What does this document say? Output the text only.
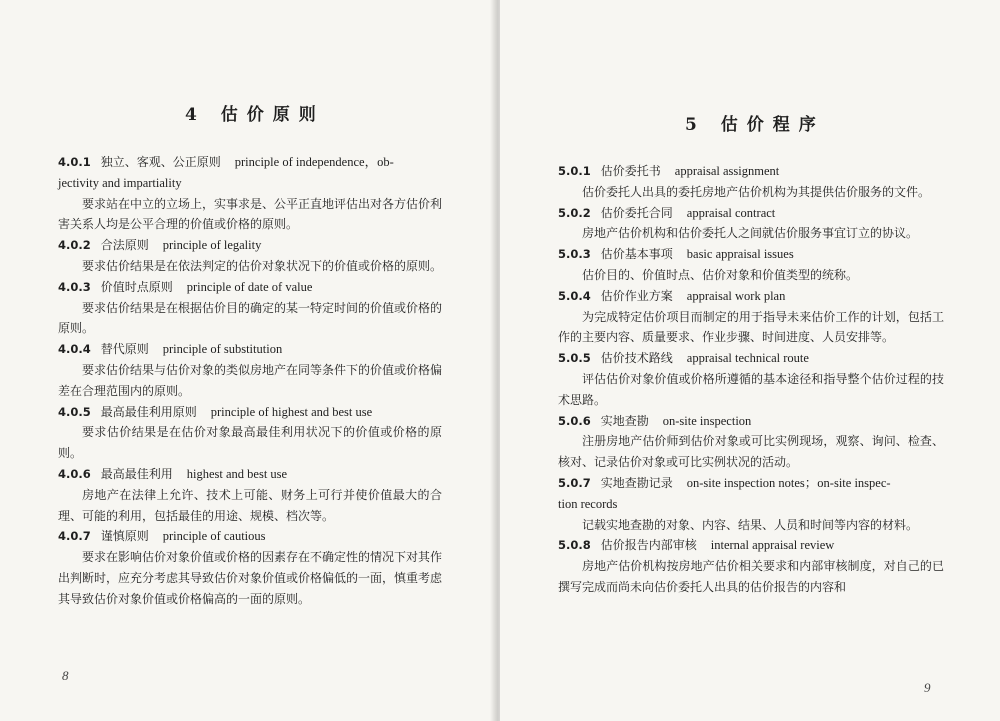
4 估价原则

4.0.1 独立、客观、公正原则 principle of independence，ob-

jectivity and impartiality

要求站在中立的立场上，实事求是、公平正直地评估出对各方估价利害关系人均是公平合理的价值或价格的原则。

4.0.2 合法原则 principle of legality

要求估价结果是在依法判定的估价对象状况下的价值或价格的原则。

4.0.3 价值时点原则 principle of date of value

要求估价结果是在根据估价目的确定的某一特定时间的价值或价格的原则。

4.0.4 替代原则 principle of substitution

要求估价结果与估价对象的类似房地产在同等条件下的价值或价格偏差在合理范围内的原则。

4.0.5 最高最佳利用原则 principle of highest and best use

要求估价结果是在估价对象最高最佳利用状况下的价值或价格的原则。

4.0.6 最高最佳利用 highest and best use

房地产在法律上允许、技术上可能、财务上可行并使价值最大的合理、可能的利用，包括最佳的用途、规模、档次等。

4.0.7 谨慎原则 principle of cautious

要求在影响估价对象价值或价格的因素存在不确定性的情况下对其作出判断时，应充分考虑其导致估价对象价值或价格偏低的一面，慎重考虑其导致估价对象价值或价格偏高的一面的原则。

8
5 估价程序

5.0.1 估价委托书 appraisal assignment

估价委托人出具的委托房地产估价机构为其提供估价服务的文件。

5.0.2 估价委托合同 appraisal contract

房地产估价机构和估价委托人之间就估价服务事宜订立的协议。

5.0.3 估价基本事项 basic appraisal issues

估价目的、价值时点、估价对象和价值类型的统称。

5.0.4 估价作业方案 appraisal work plan

为完成特定估价项目而制定的用于指导未来估价工作的计划，包括工作的主要内容、质量要求、作业步骤、时间进度、人员安排等。

5.0.5 估价技术路线 appraisal technical route

评估估价对象价值或价格所遵循的基本途径和指导整个估价过程的技术思路。

5.0.6 实地查勘 on-site inspection

注册房地产估价师到估价对象或可比实例现场，观察、询问、检查、核对、记录估价对象或可比实例状况的活动。

5.0.7 实地查勘记录 on-site inspection notes；on-site inspec-

tion records

记载实地查勘的对象、内容、结果、人员和时间等内容的材料。

5.0.8 估价报告内部审核 internal appraisal review

房地产估价机构按房地产估价相关要求和内部审核制度，对自己的已撰写完成而尚未向估价委托人出具的估价报告的内容和

9
